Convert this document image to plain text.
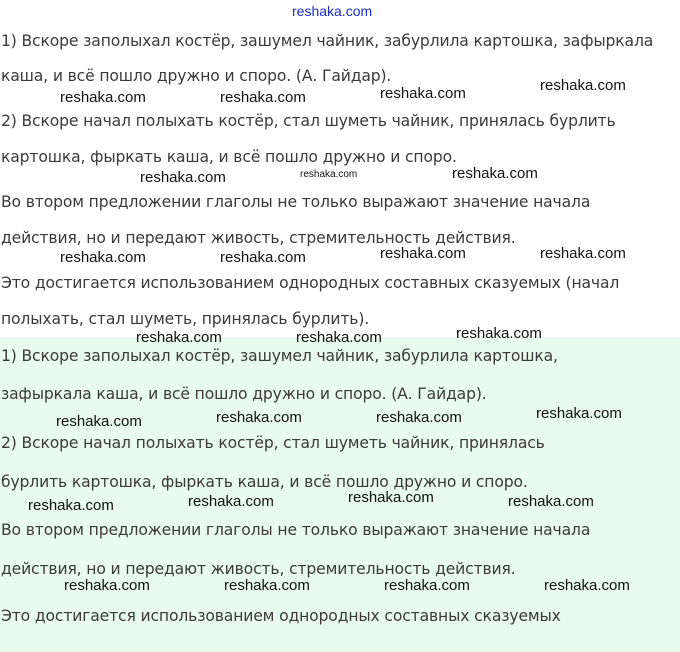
1) Вскоре заполыхал костёр, зашумел чайник, забурлила картошка, зафыркала

каша, и всё пошло дружно и споро. (А. Гайдар).

2) Вскоре начал полыхать костёр, стал шуметь чайник, принялась бурлить

картошка, фыркать каша, и всё пошло дружно и споро.

Во втором предложении глаголы не только выражают значение начала

действия, но и передают живость, стремительность действия.

Это достигается использованием однородных составных сказуемых (начал

полыхать, стал шуметь, принялась бурлить).

1) Вскоре заполыхал костёр, зашумел чайник, забурлила картошка,

зафыркала каша, и всё пошло дружно и споро. (А. Гайдар).

2) Вскоре начал полыхать костёр, стал шуметь чайник, принялась

бурлить картошка, фыркать каша, и всё пошло дружно и споро.

Во втором предложении глаголы не только выражают значение начала

действия, но и передают живость, стремительность действия.

Это достигается использованием однородных составных сказуемых

reshaka.com
reshaka.com	reshaka.com	reshaka.com	reshaka.com
reshaka.com	reshaka.com	reshaka.com
reshaka.com	reshaka.com	reshaka.com	reshaka.com
reshaka.com	reshaka.com	reshaka.com
reshaka.com	reshaka.com	reshaka.com	reshaka.com
reshaka.com	reshaka.com	reshaka.com	reshaka.com
reshaka.com	reshaka.com	reshaka.com	reshaka.com
